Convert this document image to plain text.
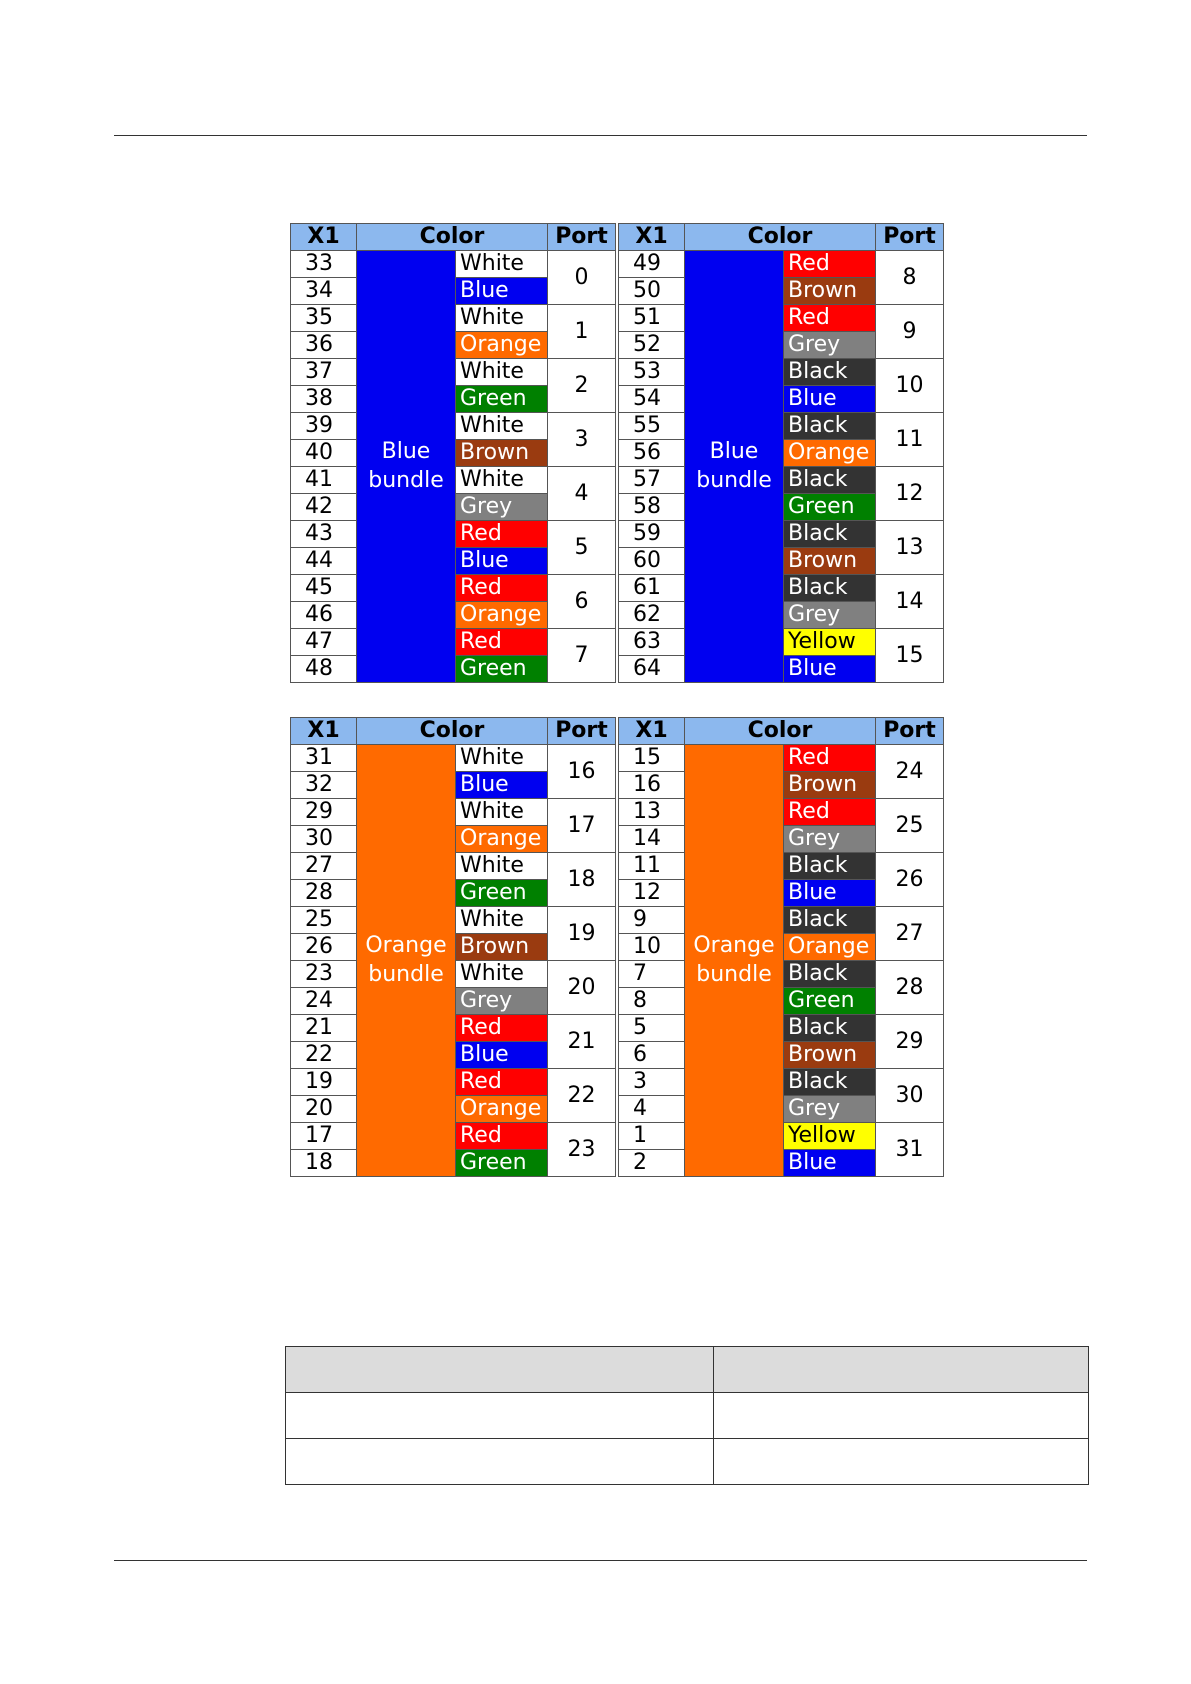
X1	Color		Port
33	Blue bundle	White	0
34		Blue	
35		White	1
36		Orange	
37		White	2
38		Green	
39		White	3
40		Brown	
41		White	4
42		Grey	
43		Red	5
44		Blue	
45		Red	6
46		Orange	
47		Red	7
48		Green	
X1	Color		Port
49	Blue bundle	Red	8
50		Brown	
51		Red	9
52		Grey	
53		Black	10
54		Blue	
55		Black	11
56		Orange	
57		Black	12
58		Green	
59		Black	13
60		Brown	
61		Black	14
62		Grey	
63		Yellow	15
64		Blue	
X1	Color		Port
31	Orange bundle	White	16
32		Blue	
29		White	17
30		Orange	
27		White	18
28		Green	
25		White	19
26		Brown	
23		White	20
24		Grey	
21		Red	21
22		Blue	
19		Red	22
20		Orange	
17		Red	23
18		Green	
X1	Color		Port
15	Orange bundle	Red	24
16		Brown	
13		Red	25
14		Grey	
11		Black	26
12		Blue	
9		Black	27
10		Orange	
7		Black	28
8		Green	
5		Black	29
6		Brown	
3		Black	30
4		Grey	
1		Yellow	31
2		Blue	
